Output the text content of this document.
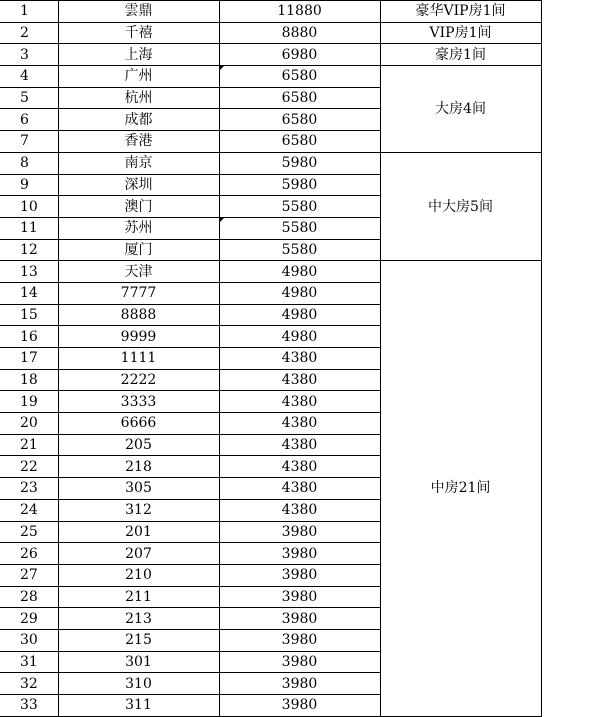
1	雲鼎	11880	豪华VIP房1间	
2	千禧	8880	VIP房1间	
3	上海	6980	豪房1间	
4	广州	6580	大房4间	
5	杭州	6580		
6	成都	6580		
7	香港	6580		
8	南京	5980	中大房5间	
9	深圳	5980		
10	澳门	5580		
11	苏州	5580		
12	厦门	5580		
13	天津	4980	中房21间	
14	7777	4980		
15	8888	4980		
16	9999	4980		
17	1111	4380		
18	2222	4380		
19	3333	4380		
20	6666	4380		
21	205	4380		
22	218	4380		
23	305	4380		
24	312	4380		
25	201	3980		
26	207	3980		
27	210	3980		
28	211	3980		
29	213	3980		
30	215	3980		
31	301	3980		
32	310	3980		
33	311	3980		
